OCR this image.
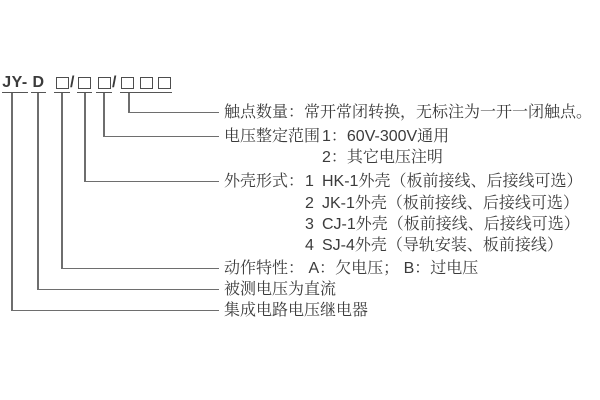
JY- D / /
触点数量：常开常闭转换，无标注为一开一闭触点。
电压整定范围 1：60V-300V通用
2：其它电压注明
外壳形式： 1 HK-1外壳（板前接线、后接线可选）
2 JK-1外壳（板前接线、后接线可选）
3 CJ-1外壳（板前接线、后接线可选）
4 SJ-4外壳（导轨安装、板前接线）
动作特性： A：欠电压； B：过电压
被测电压为直流
集成电路电压继电器
